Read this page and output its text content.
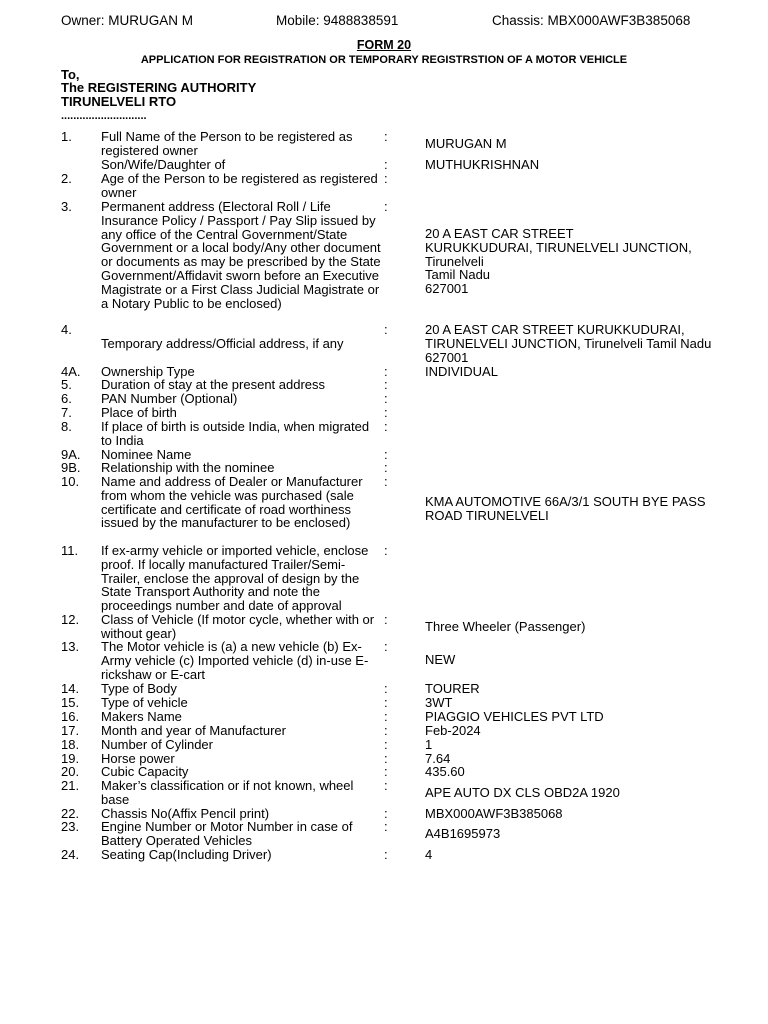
Owner: MURUGAN M	Mobile: 9488838591	Chassis: MBX000AWF3B385068
FORM 20
APPLICATION FOR REGISTRATION OR TEMPORARY REGISTRSTION OF A MOTOR VEHICLE
To,
The REGISTERING AUTHORITY
TIRUNELVELI RTO
............................
1. Full Name of the Person to be registered as registered owner
:	MURUGAN M
Son/Wife/Daughter of	:	MUTHUKRISHNAN
2. Age of the Person to be registered as registered owner
:
3. Permanent address (Electoral Roll / Life Insurance Policy / Passport / Pay Slip issued by any office of the Central Government/State Government or a local body/Any other document or documents as may be prescribed by the State Government/Affidavit sworn before an Executive Magistrate or a First Class Judicial Magistrate or a Notary Public to be enclosed)
:
20 A EAST CAR STREET
KURUKKUDURAI, TIRUNELVELI JUNCTION,
Tirunelveli
Tamil Nadu
627001
4.
Temporary address/Official address, if any
:	20 A EAST CAR STREET KURUKKUDURAI, TIRUNELVELI JUNCTION, Tirunelveli Tamil Nadu 627001
4A. Ownership Type	:	INDIVIDUAL
5. Duration of stay at the present address	:
6. PAN Number (Optional)	:
7. Place of birth	:
8. If place of birth is outside India, when migrated to India
:
9A. Nominee Name	:
9B. Relationship with the nominee	:
10. Name and address of Dealer or Manufacturer from whom the vehicle was purchased (sale certificate and certificate of road worthiness issued by the manufacturer to be enclosed)
:
KMA AUTOMOTIVE 66A/3/1 SOUTH BYE PASS ROAD TIRUNELVELI
11. If ex-army vehicle or imported vehicle, enclose proof. If locally manufactured Trailer/Semi-Trailer, enclose the approval of design by the State Transport Authority and note the proceedings number and date of approval
:
12. Class of Vehicle (If motor cycle, whether with or without gear)
:	Three Wheeler (Passenger)
13. The Motor vehicle is (a) a new vehicle (b) Ex-Army vehicle (c) Imported vehicle (d) in-use E-rickshaw or E-cart
:
NEW
14. Type of Body	:	TOURER
15. Type of vehicle	:	3WT
16. Makers Name	:	PIAGGIO VEHICLES PVT LTD
17. Month and year of Manufacturer	:	Feb-2024
18. Number of Cylinder	:	1
19. Horse power	:	7.64
20. Cubic Capacity	:	435.60
21. Maker’s classification or if not known, wheel base
:	APE AUTO DX CLS OBD2A 1920
22. Chassis No(Affix Pencil print)	:	MBX000AWF3B385068
23. Engine Number or Motor Number in case of Battery Operated Vehicles
:	A4B1695973
24. Seating Cap(Including Driver)	:	4
